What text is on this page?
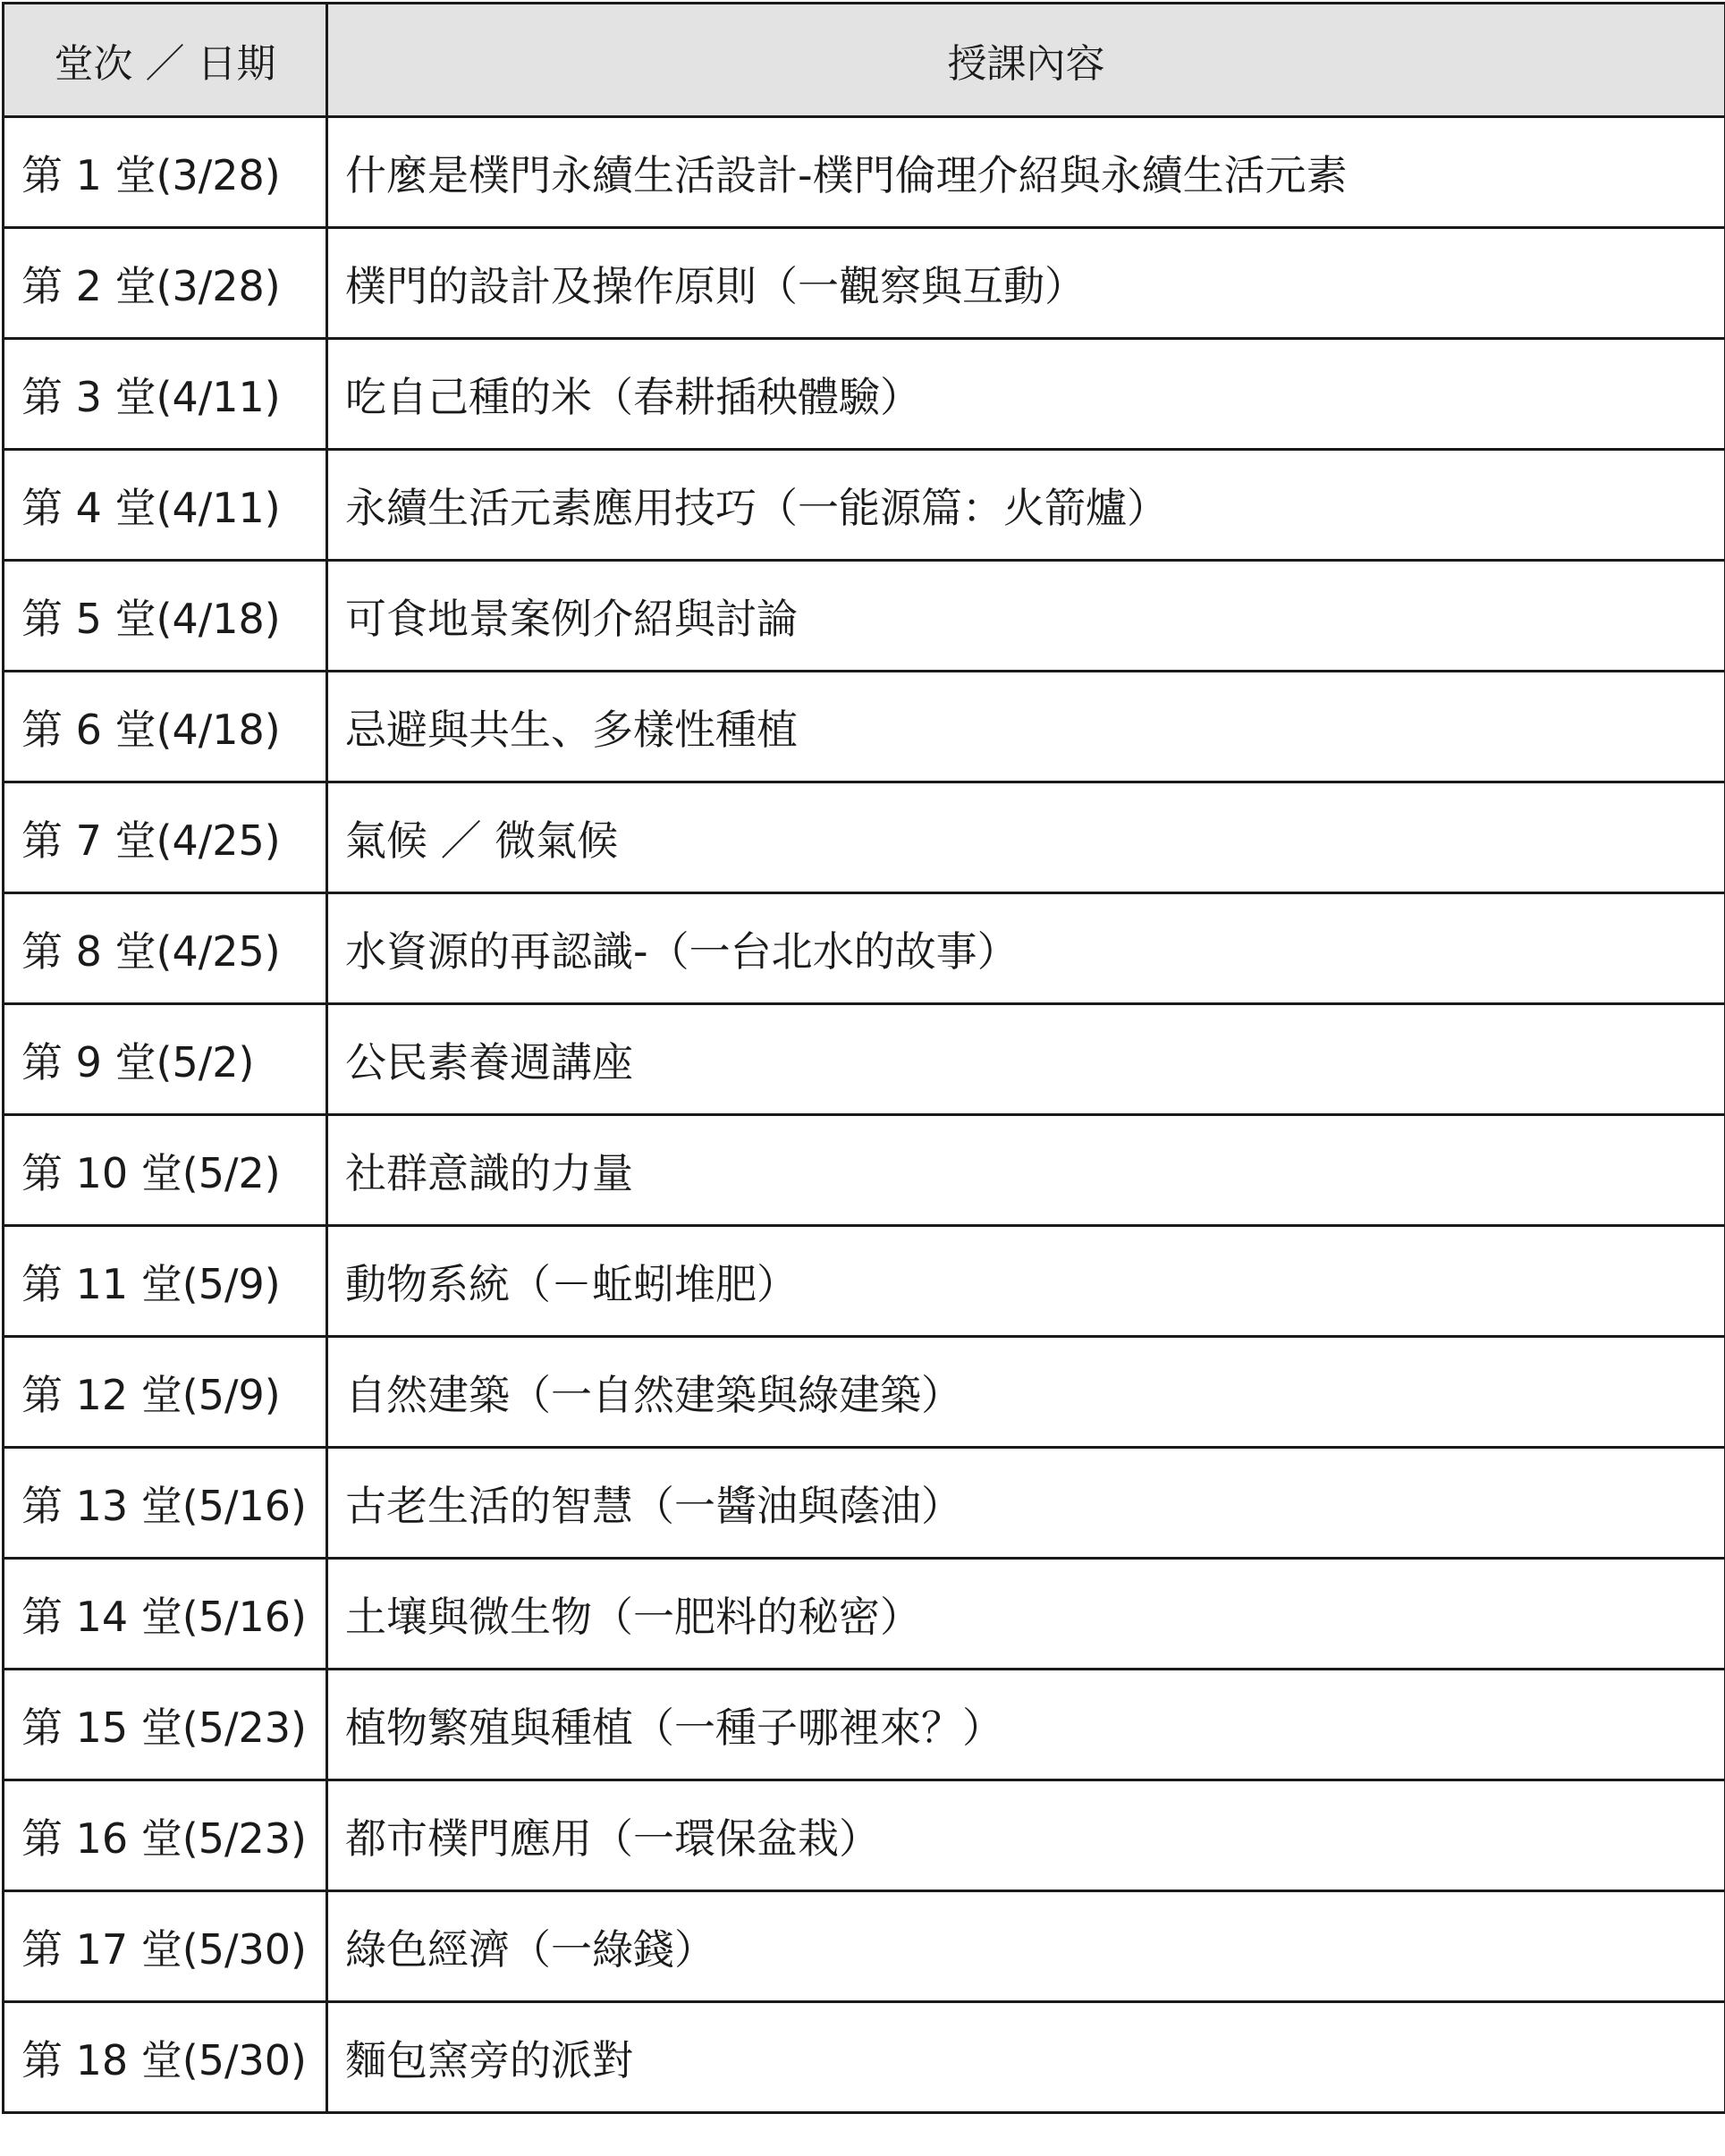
堂次 ／ 日期	授課內容
第 1 堂(3/28)	什麼是樸門永續生活設計-樸門倫理介紹與永續生活元素
第 2 堂(3/28)	樸門的設計及操作原則（一觀察與互動）
第 3 堂(4/11)	吃自己種的米（春耕插秧體驗）
第 4 堂(4/11)	永續生活元素應用技巧（一能源篇：火箭爐）
第 5 堂(4/18)	可食地景案例介紹與討論
第 6 堂(4/18)	忌避與共生、多樣性種植
第 7 堂(4/25)	氣候 ／ 微氣候
第 8 堂(4/25)	水資源的再認識-（一台北水的故事）
第 9 堂(5/2)	公民素養週講座
第 10 堂(5/2)	社群意識的力量
第 11 堂(5/9)	動物系統（－蚯蚓堆肥）
第 12 堂(5/9)	自然建築（一自然建築與綠建築）
第 13 堂(5/16)	古老生活的智慧（一醬油與蔭油）
第 14 堂(5/16)	土壤與微生物（一肥料的秘密）
第 15 堂(5/23)	植物繁殖與種植（一種子哪裡來？）
第 16 堂(5/23)	都市樸門應用（一環保盆栽）
第 17 堂(5/30)	綠色經濟（一綠錢）
第 18 堂(5/30)	麵包窯旁的派對
